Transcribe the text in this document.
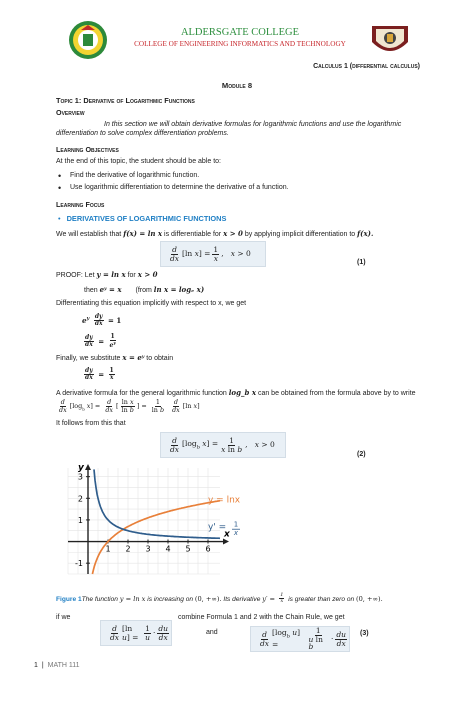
ALDERSGATE COLLEGE
COLLEGE OF ENGINEERING INFORMATICS AND TECHNOLOGY
Calculus 1 (differential calculus)
Module 8
Topic 1: Derivative of Logarithmic Functions
Overview
In this section we will obtain derivative formulas for logarithmic functions and use the logarithmic differentiation to solve complex differentiation problems.
Learning Objectives
At the end of this topic, the student should be able to:
• Find the derivative of logarithmic function.
• Use logarithmic differentiation to determine the derivative of a function.
Learning Focus
• DERIVATIVES OF LOGARITHMIC FUNCTIONS
We will establish that f(x) = ln x is differentiable for x > 0 by applying implicit differentiation to f(x).
$\frac{d}{dx} [\ln$ $x] = \frac{1}{x}$ ,   x > 0
(1)
PROOF: Let y = ln x for x > 0
then eʸ = x (from ln x = logₑ x)
Differentiating this equation implicitly with respect to x, we get
$e^y \frac{dy}{dx} = 1$
$\frac{dy}{dx} = \frac{1}{e^y}$
Finally, we substitute x = eʸ to obtain
$\frac{dy}{dx} = \frac{1}{x}$
A derivative formula for the general logarithmic function log_b x can be obtained from the formula above by to write
$\frac{d}{dx} [\log_b$ $x] = \frac{d}{dx}$ [ $\frac{\text{ln x}}{\text{ln b}}$ ] = $\frac{1}{\text{ln b}}$
$\frac{d}{dx} [\ln$ x]
It follows from this that
$\frac{d}{dx} [\log_b$ $x] = \frac{1}{\text{x ln b}}$ ,   x > 0
(2)
x
y
1 2 3 4 5 6
-1
1
2
3
y = lnx
y' = 1
x
Figure 1The function y = ln x is increasing on (0, +∞). Its derivative $y' = \frac{1}{x}$ is greater than zero on (0, +∞).
if we	combine Formula 1 and 2 with the Chain Rule, we get
$\frac{d}{dx} [\ln$ $u] = \frac{1}{u} \cdot \frac{du}{dx}$	and	$\frac{d}{dx} [\log_b$ u] =	$\frac{1}{\text{u ln b}} \cdot \frac{du}{dx} (3)$
1 | MATH 111
